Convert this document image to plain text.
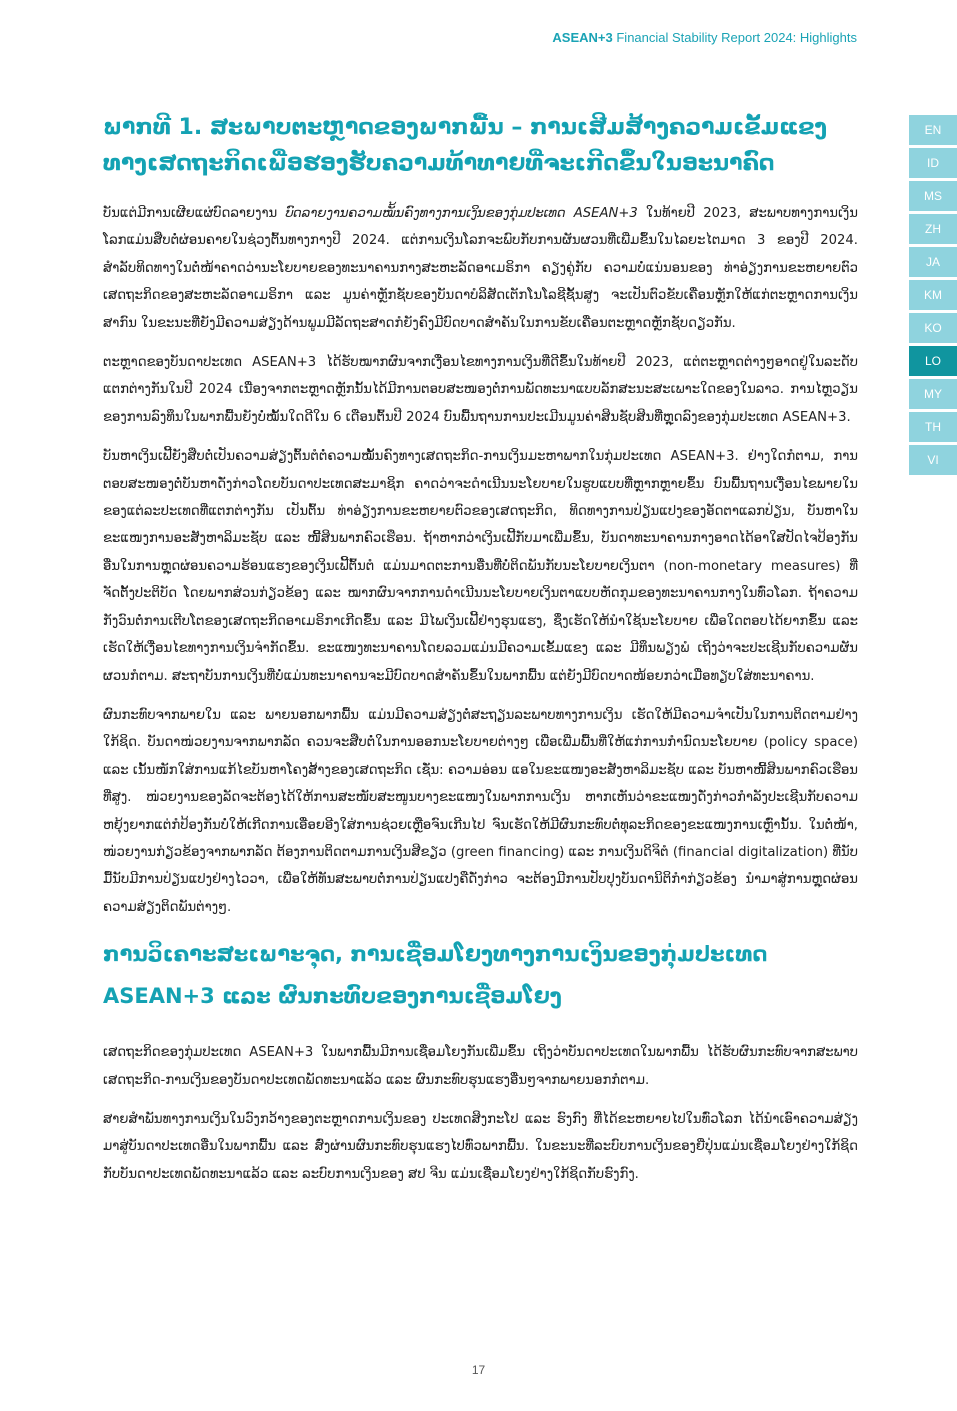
ASEAN+3 Financial Stability Report 2024: Highlights
EN
ID
MS
ZH
JA
KM
KO
LO
MY
TH
VI
ພາກທີ 1. ສະພາບຕະຫຼາດຂອງພາກພື້ນ – ການເສີມສ້າງຄວາມເຂັ້ມແຂງທາງເສດຖະກິດເພື່ອຮອງຮັບຄວາມທ້າທາຍທີ່ຈະເກີດຂຶ້ນໃນອະນາຄົດ

ບັນແຕ່ມີການເຜີຍແຜ່ບົດລາຍງານ ບົດລາຍງານຄວາມໝັ້ນຄົງທາງການເງິນຂອງກຸ່ມປະເທດ ASEAN+3 ໃນທ້າຍປີ 2023, ສະພາບທາງການເງິນໂລກແມ່ນສືບຕໍ່ຜ່ອນຄາຍໃນຊ່ວງຕົ້ນທາງກາງປີ 2024. ແຕ່ການເງິນໂລກຈະພົບກັບການຜັນຜວນທີ່ເພີ່ມຂຶ້ນໃນໄລຍະໄຕມາດ 3 ຂອງປີ 2024. ສຳລັບທິດທາງໃນຕໍ່ໜ້າຄາດວ່ານະໂຍບາຍຂອງທະນາຄານກາງສະຫະລັດອາເມຣິກາ ຄຽງຄູ່ກັບ ຄວາມບໍ່ແນ່ນອນຂອງ ທ່າອ່ຽງການຂະຫຍາຍຕົວເສດຖະກິດຂອງສະຫະລັດອາເມຣິກາ ແລະ ມູນຄ່າຫຼັກຊັບຂອງບັນດາບໍລິສັດເຕັກໂນໂລຊີຊັ້ນສູງ ຈະເປັນຕົວຂັບເຄື່ອນຫຼັກໃຫ້ແກ່ຕະຫຼາດການເງິນສາກົນ ໃນຂະນະທີ່ຍັງມີຄວາມສ່ຽງດ້ານພູມມີລັດຖະສາດກໍຍັງຄົງມີບົດບາດສຳຄັນໃນການຂັບເຄື່ອນຕະຫຼາດຫຼັກຊັບດຽວກັນ.

ຕະຫຼາດຂອງບັນດາປະເທດ ASEAN+3 ໄດ້ຮັບໝາກຜົນຈາກເງື່ອນໄຂທາງການເງິນທີ່ດີຂຶ້ນໃນທ້າຍປີ 2023, ແຕ່ຕະຫຼາດຕ່າງໆອາດຢູ່ໃນລະດັບແຕກຕ່າງກັນໃນປີ 2024 ເນື່ອງຈາກຕະຫຼາດຫຼັກນັ້ນໄດ້ມີການຕອບສະໜອງຕໍ່ການພັດທະນາແບບລັກສະນະສະເພາະໃດຂອງໃນລາວ. ການໄຫຼວຽນຂອງການລົງທຶນໃນພາກພື້ນຍັງບໍ່ໝັ້ນໃດດີໃນ 6 ເດືອນຕົ້ນປີ 2024 ບົນພື້ນຖານການປະເມີນມູນຄ່າສິນຊັບສິນທີ່ຫຼຸດລົງຂອງກຸ່ມປະເທດ ASEAN+3.

ບັນຫາເງິນເຟີ້ຍັງສືບຕໍ່ເປັນຄວາມສ່ຽງຕົ້ນຕໍຕໍ່ຄວາມໝັ້ນຄົງທາງເສດຖະກິດ-ການເງິນມະຫາພາກໃນກຸ່ມປະເທດ ASEAN+3. ຢ່າງໃດກໍຕາມ, ການຕອບສະໜອງຕໍ່ບັນຫາດັ່ງກ່າວໂດຍບັນດາປະເທດສະມາຊິກ ຄາດວ່າຈະດຳເນີນນະໂຍບາຍໃນຮູບແບບທີ່ຫຼາກຫຼາຍຂຶ້ນ ບົນພື້ນຖານເງື່ອນໄຂພາຍໃນຂອງແຕ່ລະປະເທດທີ່ແຕກຕ່າງກັນ ເປັນຕົ້ນ ທ່າອ່ຽງການຂະຫຍາຍຕົວຂອງເສດຖະກິດ, ທິດທາງການປ່ຽນແປງຂອງອັດຕາແລກປ່ຽນ, ບັນຫາໃນຂະແໜງການອະສັງຫາລິມະຊັບ ແລະ ໜີ້ສິນພາກຄົວເຮືອນ. ຖ້າຫາກວ່າເງິນເຟີ້ກັບມາເພີ່ມຂຶ້ນ, ບັນດາທະນາຄານກາງອາດໄດ້ອາໃສປັດໄຈປ້ອງກັນອື່ນໃນການຫຼຸດຜ່ອນຄວາມຮ້ອນແຮງຂອງເງິນເຟີ້ຕົ້ນຕໍ ແມ່ນມາດຕະການອື່ນທີ່ບໍ່ຕິດພັນກັບນະໂຍບາຍເງິນຕາ (non-monetary measures) ທີ່ຈັດຕັ້ງປະຕິບັດ ໂດຍພາກສ່ວນກ່ຽວຂ້ອງ ແລະ ໝາກຜົນຈາກການດຳເນີນນະໂຍບາຍເງິນຕາແບບຫັດກຸມຂອງທະນາຄານກາງໃນທົ່ວໂລກ. ຖ້າຄວາມກັງວົນຕໍ່ການເຕີບໂຕຂອງເສດຖະກິດອາເມຣິກາເກີດຂຶ້ນ ແລະ ມີໄພເງິນເຟີ້ຢ່າງຮຸນແຮງ, ຊຶ່ງເຮັດໃຫ້ນຳໃຊ້ນະໂຍບາຍ ເພື່ອໃດຕອບໄດ້ຍາກຂຶ້ນ ແລະ ເຮັດໃຫ້ເງື່ອນໄຂທາງການເງິນຈຳກັດຂຶ້ນ. ຂະແໜງທະນາຄານໂດຍລວມແມ່ນມີຄວາມເຂັ້ມແຂງ ແລະ ມີທຶນພຽງພໍ ເຖິງວ່າຈະປະເຊີນກັບຄວາມຜັນຜວນກໍຕາມ. ສະຖາບັນການເງິນທີ່ບໍ່ແມ່ນທະນາຄານຈະມີບົດບາດສຳຄັນຂຶ້ນໃນພາກພື້ນ ແຕ່ຍັງມີບົດບາດໜ້ອຍກວ່າເມື່ອທຽບໃສ່ທະນາຄານ.

ຜົນກະທົບຈາກພາຍໃນ ແລະ ພາຍນອກພາກພື້ນ ແມ່ນມີຄວາມສ່ຽງຕໍ່ສະຖຽນລະພາບທາງການເງິນ ເຮັດໃຫ້ມີຄວາມຈຳເປັນໃນການຕິດຕາມຢ່າງໃກ້ຊິດ. ບັນດາໜ່ວຍງານຈາກພາກລັດ ຄວນຈະສືບຕໍ່ໃນການອອກນະໂຍບາຍຕ່າງໆ ເພື່ອເພີ່ມພື້ນທີ່ໃຫ້ແກ່ການກຳນົດນະໂຍບາຍ (policy space) ແລະ ເນັ້ນໜັກໃສ່ການແກ້ໄຂບັນຫາໂຄງສ້າງຂອງເສດຖະກິດ ເຊັ່ນ: ຄວາມອ່ອນ ແອໃນຂະແໜງອະສັງຫາລິມະຊັບ ແລະ ບັນຫາໜີ້ສິນພາກຄົວເຮືອນທີ່ສູງ. ໜ່ວຍງານຂອງລັດຈະຕ້ອງໄດ້ໃຫ້ການສະໜັບສະໜູນບາງຂະແໜງໃນພາກການເງິນ ຫາກເຫັນວ່າຂະແໜງດັ່ງກ່າວກຳລັງປະເຊີນກັບຄວາມຫຍຸ້ງຍາກແຕ່ກໍປ້ອງກັນບໍ່ໃຫ້ເກີດການເອື່ອຍອີງໃສ່ການຊ່ວຍເຫຼືອຈົນເກີນໄປ ຈົນເຮັດໃຫ້ມີຜົນກະທົບຕໍ່ທຸລະກິດຂອງຂະແໜງການເຫຼົ່ານັ້ນ. ໃນຕໍ່ໜ້າ, ໜ່ວຍງານກ່ຽວຂ້ອງຈາກພາກລັດ ຕ້ອງການຕິດຕາມການເງິນສີຂຽວ (green financing) ແລະ ການເງິນດິຈິຕໍ (financial digitalization) ທີ່ນັບມື້ນັບມີການປ່ຽນແປງຢ່າງໄວວາ, ເພື່ອໃຫ້ທັນສະພາບຕໍ່ການປ່ຽນແປງຄືດັ່ງກ່າວ ຈະຕ້ອງມີການປັບປຸງບັນດານິຕິກຳກ່ຽວຂ້ອງ ນຳມາສູ່ການຫຼຸດຜ່ອນຄວາມສ່ຽງຕິດພັນຕ່າງໆ.

ການວິເຄາະສະເພາະຈຸດ, ການເຊື່ອມໂຍງທາງການເງິນຂອງກຸ່ມປະເທດ ASEAN+3 ແລະ ຜົນກະທົບຂອງການເຊື່ອມໂຍງ

ເສດຖະກິດຂອງກຸ່ມປະເທດ ASEAN+3 ໃນພາກພື້ນມີການເຊື່ອມໂຍງກັນເພີ່ມຂຶ້ນ ເຖິງວ່າບັນດາປະເທດໃນພາກພື້ນ ໄດ້ຮັບຜົນກະທົບຈາກສະພາບເສດຖະກິດ-ການເງິນຂອງບັນດາປະເທດພັດທະນາແລ້ວ ແລະ ຜົນກະທົບຮຸນແຮງອື່ນໆຈາກພາຍນອກກໍຕາມ.

ສາຍສຳພັນທາງການເງິນໃນວົງກວ້າງຂອງຕະຫຼາດການເງິນຂອງ ປະເທດສິງກະໂປ ແລະ ຮົງກົງ ທີ່ໄດ້ຂະຫຍາຍໄປໃນທົ່ວໂລກ ໄດ້ນຳເອົາຄວາມສ່ຽງມາສູ່ບັນດາປະເທດອື່ນໃນພາກພື້ນ ແລະ ສົ່ງຜ່ານຜົນກະທົບຮຸນແຮງໄປທົ່ວພາກພື້ນ. ໃນຂະນະທີ່ລະບົບການເງິນຂອງຍີ່ປຸ່ນແມ່ນເຊື່ອມໂຍງຢ່າງໃກ້ຊິດກັບບັນດາປະເທດພັດທະນາແລ້ວ ແລະ ລະບົບການເງິນຂອງ ສປ ຈີນ ແມ່ນເຊື່ອມໂຍງຢ່າງໃກ້ຊິດກັບຮົງກົງ.

17
